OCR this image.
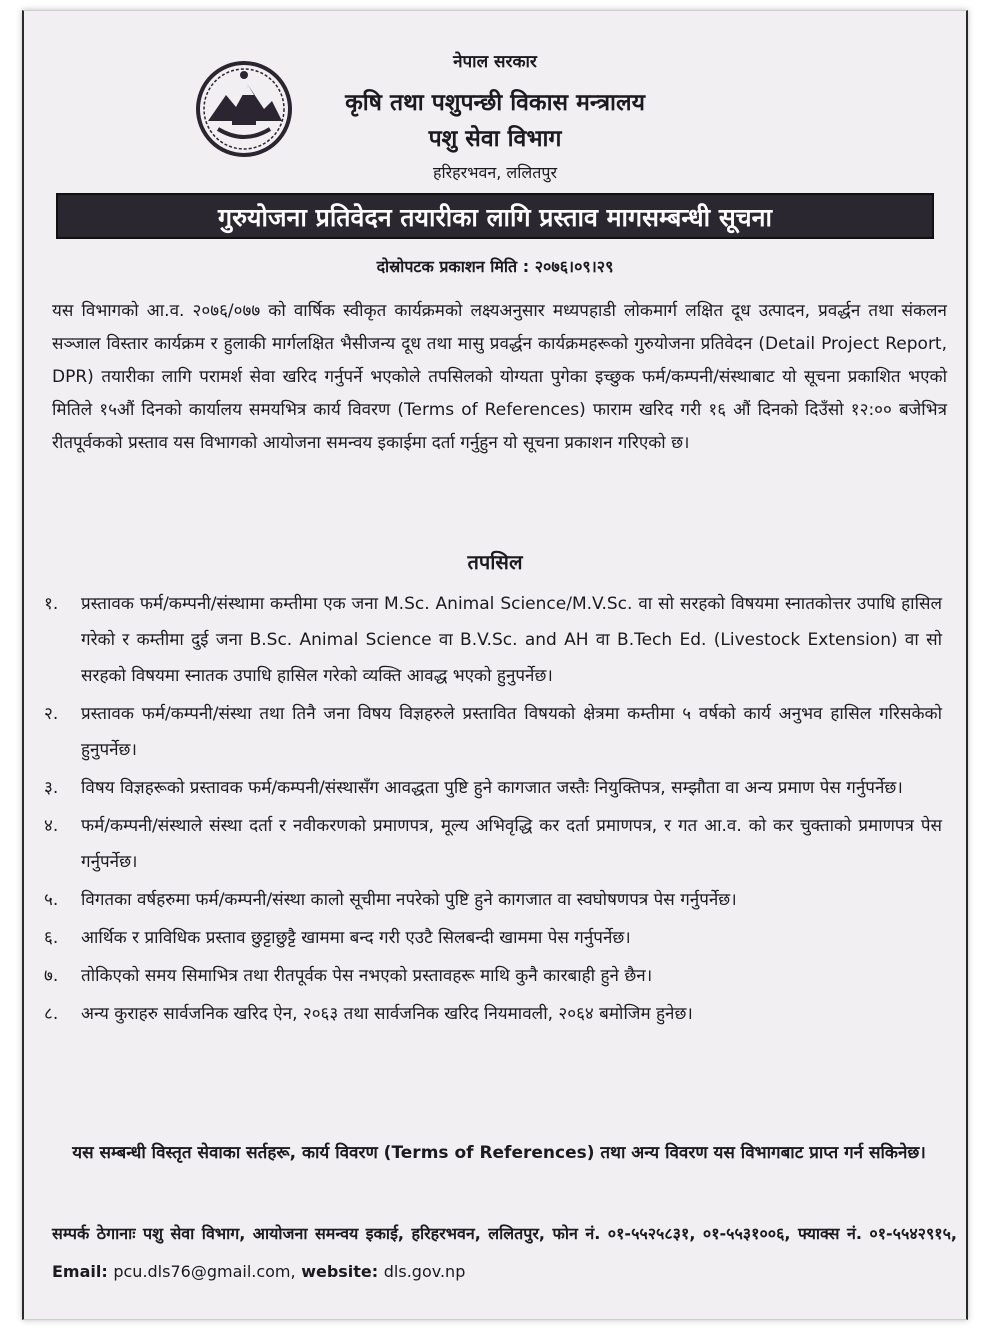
नेपाल सरकार
कृषि तथा पशुपन्छी विकास मन्त्रालय
पशु सेवा विभाग
हरिहरभवन, ललितपुर
गुरुयोजना प्रतिवेदन तयारीका लागि प्रस्ताव मागसम्बन्धी सूचना
दोस्रोपटक प्रकाशन मिति : २०७६।०९।२९

यस विभागको आ.व. २०७६/०७७ को वार्षिक स्वीकृत कार्यक्रमको लक्ष्यअनुसार मध्यपहाडी लोकमार्ग लक्षित दूध उत्पादन, प्रवर्द्धन तथा संकलन सञ्जाल विस्तार कार्यक्रम र हुलाकी मार्गलक्षित भैसीजन्य दूध तथा मासु प्रवर्द्धन कार्यक्रमहरूको गुरुयोजना प्रतिवेदन (Detail Project Report, DPR) तयारीका लागि परामर्श सेवा खरिद गर्नुपर्ने भएकोले तपसिलको योग्यता पुगेका इच्छुक फर्म/कम्पनी/संस्थाबाट यो सूचना प्रकाशित भएको मितिले १५औं दिनको कार्यालय समयभित्र कार्य विवरण (Terms of References) फाराम खरिद गरी १६ औं दिनको दिउँसो १२:०० बजेभित्र रीतपूर्वकको प्रस्ताव यस विभागको आयोजना समन्वय इकाईमा दर्ता गर्नुहुन यो सूचना प्रकाशन गरिएको छ।

तपसिल
१.	प्रस्तावक फर्म/कम्पनी/संस्थामा कम्तीमा एक जना M.Sc. Animal Science/M.V.Sc. वा सो सरहको विषयमा स्नातकोत्तर उपाधि हासिल गरेको र कम्तीमा दुई जना B.Sc. Animal Science वा B.V.Sc. and AH वा B.Tech Ed. (Livestock Extension) वा सो सरहको विषयमा स्नातक उपाधि हासिल गरेको व्यक्ति आवद्ध भएको हुनुपर्नेछ।
२.	प्रस्तावक फर्म/कम्पनी/संस्था तथा तिनै जना विषय विज्ञहरुले प्रस्तावित विषयको क्षेत्रमा कम्तीमा ५ वर्षको कार्य अनुभव हासिल गरिसकेको हुनुपर्नेछ।
३.	विषय विज्ञहरूको प्रस्तावक फर्म/कम्पनी/संस्थासँग आवद्धता पुष्टि हुने कागजात जस्तैः नियुक्तिपत्र, सम्झौता वा अन्य प्रमाण पेस गर्नुपर्नेछ।
४.	फर्म/कम्पनी/संस्थाले संस्था दर्ता र नवीकरणको प्रमाणपत्र, मूल्य अभिवृद्धि कर दर्ता प्रमाणपत्र, र गत आ.व. को कर चुक्ताको प्रमाणपत्र पेस गर्नुपर्नेछ।
५.	विगतका वर्षहरुमा फर्म/कम्पनी/संस्था कालो सूचीमा नपरेको पुष्टि हुने कागजात वा स्वघोषणपत्र पेस गर्नुपर्नेछ।
६.	आर्थिक र प्राविधिक प्रस्ताव छुट्टाछुट्टै खाममा बन्द गरी एउटै सिलबन्दी खाममा पेस गर्नुपर्नेछ।
७.	तोकिएको समय सिमाभित्र तथा रीतपूर्वक पेस नभएको प्रस्तावहरू माथि कुनै कारबाही हुने छैन।
८.	अन्य कुराहरु सार्वजनिक खरिद ऐन, २०६३ तथा सार्वजनिक खरिद नियमावली, २०६४ बमोजिम हुनेछ।

यस सम्बन्धी विस्तृत सेवाका सर्तहरू, कार्य विवरण (Terms of References) तथा अन्य विवरण यस विभागबाट प्राप्त गर्न सकिनेछ।

सम्पर्क ठेगानाः पशु सेवा विभाग, आयोजना समन्वय इकाई, हरिहरभवन, ललितपुर, फोन नं. ०१-५५२५८३१, ०१-५५३१००६, फ्याक्स नं. ०१-५५४२९१५, Email: pcu.dls76@gmail.com, website: dls.gov.np
